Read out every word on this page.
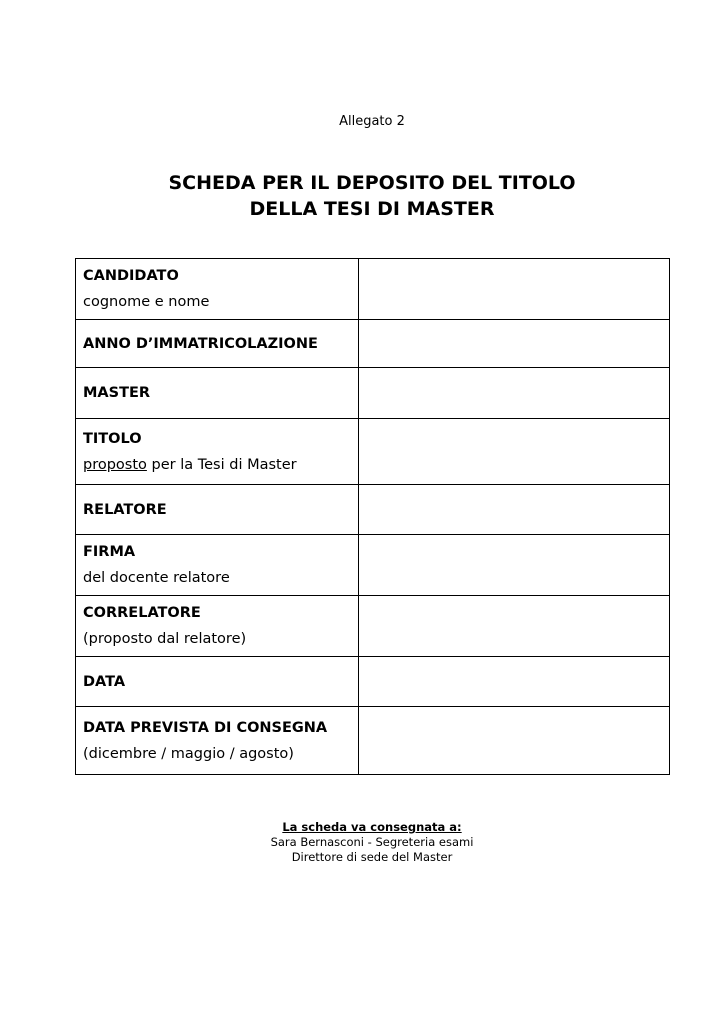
Allegato 2
SCHEDA PER IL DEPOSITO DEL TITOLO
DELLA TESI DI MASTER
CANDIDATO
cognome e nome	

ANNO D’IMMATRICOLAZIONE	

MASTER	

TITOLO
proposto per la Tesi di Master	

RELATORE	

FIRMA
del docente relatore	

CORRELATORE
(proposto dal relatore)	

DATA	

DATA PREVISTA DI CONSEGNA
(dicembre / maggio / agosto)	

La scheda va consegnata a:
Sara Bernasconi - Segreteria esami
Direttore di sede del Master
